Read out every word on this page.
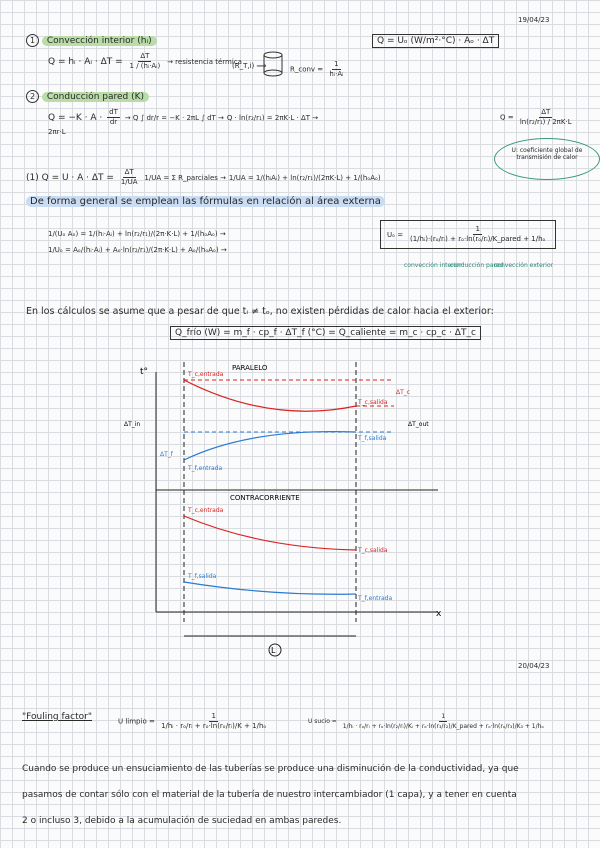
19/04/23
1 Convección interior (hᵢ)
Q = hᵢ · Aᵢ · $\Delta T = \frac{\Delta T}{\text{1 / (hᵢ·Aᵢ)}}$ → resistencia térmica
(R_T,i) ⟹	R_conv = $\frac{1}{\text{hᵢ·Aᵢ}}$
Q = Uₒ (W/m²·°C) · Aₒ · ΔT
2 Conducción pared (K)
$Q = -K \cdot A \cdot \frac{dT}{dr} \to Q$ ∫ dr/r = −K · 2πL ∫ dT → Q · ln(r₂/r₁) = 2πK·L · ΔT →
2πr·L
$Q = \frac{\Delta T}{\text{ln(r₂/r₁) / 2πK·L}}$
U: coeficiente global de transmisión de calor
(1) $Q = U \cdot A \cdot \Delta T = \frac{\Delta T}{1/UA} 1/UA = \Sigma$ R_parciales → 1/UA = 1/(hᵢAᵢ) + ln(r₂/r₁)/(2πK·L) + 1/(hₒAₒ)
De forma general se emplean las fórmulas en relación al área externa
1/(Uₒ Aₒ) = 1/(hᵢ·Aᵢ) + ln(r₂/r₁)/(2π·K·L) + 1/(hₒAₒ) →
1/Uₒ = Aₒ/(hᵢ·Aᵢ) + Aₒ·ln(r₂/r₁)/(2π·K·L) + Aₒ/(hₒAₒ) →
$U_o = \frac{1}{\text{(1/hᵢ)·(rₒ/rᵢ) + rₒ·ln(rₒ/rᵢ)/K\_pared + 1/hₒ}}$
convección interior
conducción pared
convección exterior
En los cálculos se asume que a pesar de que tᵢ ≠ tₒ, no existen pérdidas de calor hacia el exterior:
Q_frío (W) = m_f · cp_f · ΔT_f (°C) = Q_caliente = m_c · cp_c · ΔT_c
t°
x
PARALELO
CONTRACORRIENTE
T_c,entrada
T_c,salida
T_f,salida
T_f,entrada
ΔT_c
ΔT_f
ΔT_in	ΔT_out
T_c,entrada
T_c,salida
T_f,salida
T_f,entrada
L
20/04/23
"Fouling factor"	U limpio = $\frac{1}{\text{1/hᵢ · rₒ/rᵢ + rₒ·ln(rₒ/rᵢ)/K + 1/hₒ}}$	U sucio =
1
1/hᵢ · rₒ/rᵢ + rₒ·ln(r₂/rᵢ)/Kᵢ + rₒ·ln(r₃/r₂)/K_pared + rₒ·ln(rₒ/r₃)/K₃ + 1/hₒ
Cuando se produce un ensuciamiento de las tuberías se produce una disminución de la conductividad, ya que
pasamos de contar sólo con el material de la tubería de nuestro intercambiador (1 capa), y a tener en cuenta
2 o incluso 3, debido a la acumulación de suciedad en ambas paredes.
